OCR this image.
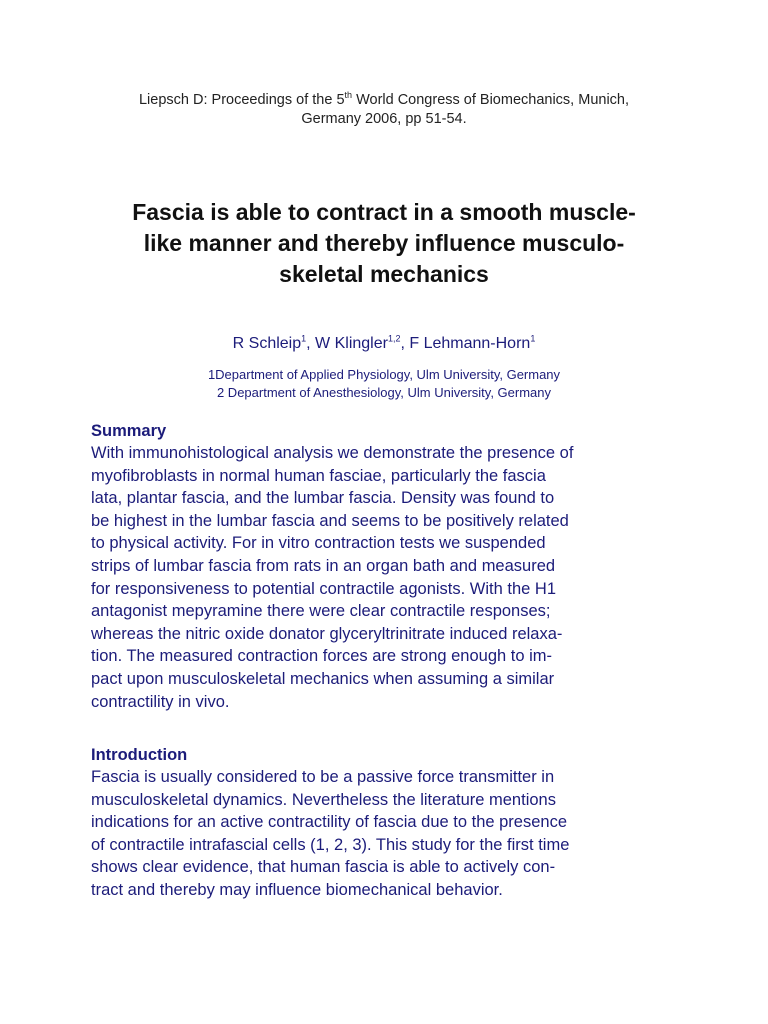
Liepsch D: Proceedings of the 5th World Congress of Biomechanics, Munich,
Germany 2006, pp 51-54.
Fascia is able to contract in a smooth muscle-
like manner and thereby influence musculo-
skeletal mechanics
R Schleip$^1$, W Klingler$^{1,2}$, F Lehmann-Horn$^1$
1Department of Applied Physiology, Ulm University, Germany
2 Department of Anesthesiology, Ulm University, Germany
Summary
With immunohistological analysis we demonstrate the presence of
myofibroblasts in normal human fasciae, particularly the fascia
lata, plantar fascia, and the lumbar fascia. Density was found to
be highest in the lumbar fascia and seems to be positively related
to physical activity. For in vitro contraction tests we suspended
strips of lumbar fascia from rats in an organ bath and measured
for responsiveness to potential contractile agonists. With the H1
antagonist mepyramine there were clear contractile responses;
whereas the nitric oxide donator glyceryltrinitrate induced relaxa-
tion. The measured contraction forces are strong enough to im-
pact upon musculoskeletal mechanics when assuming a similar
contractility in vivo.
Introduction
Fascia is usually considered to be a passive force transmitter in
musculoskeletal dynamics. Nevertheless the literature mentions
indications for an active contractility of fascia due to the presence
of contractile intrafascial cells (1, 2, 3). This study for the first time
shows clear evidence, that human fascia is able to actively con-
tract and thereby may influence biomechanical behavior.
